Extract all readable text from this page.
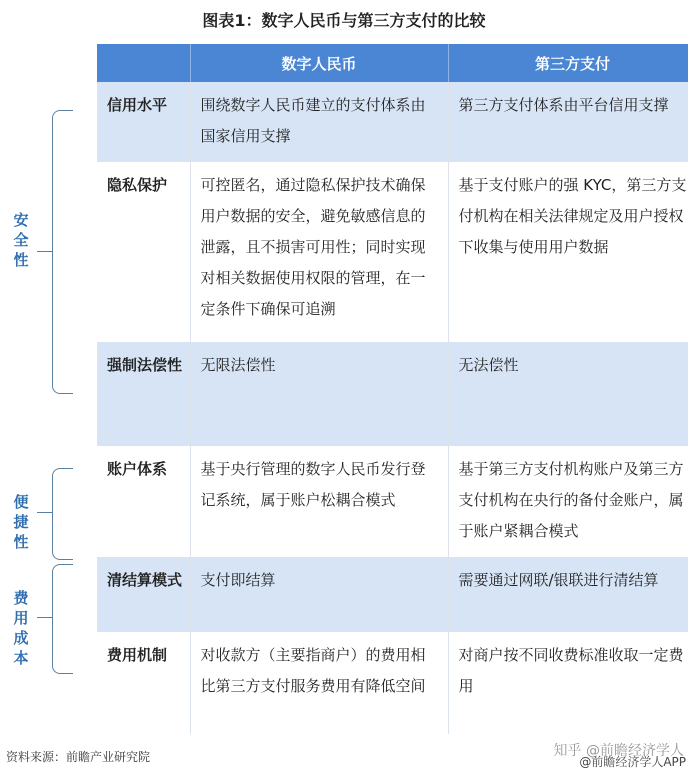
图表1：数字人民币与第三方支付的比较
安全性
便捷性
费用成本
	数字人民币	第三方支付
信用水平	围绕数字人民币建立的支付体系由国家信用支撑	第三方支付体系由平台信用支撑
隐私保护	可控匿名，通过隐私保护技术确保用户数据的安全，避免敏感信息的泄露，且不损害可用性；同时实现对相关数据使用权限的管理，在一定条件下确保可追溯	基于支付账户的强 KYC，第三方支付机构在相关法律规定及用户授权下收集与使用用户数据
强制法偿性	无限法偿性	无法偿性
账户体系	基于央行管理的数字人民币发行登记系统，属于账户松耦合模式	基于第三方支付机构账户及第三方支付机构在央行的备付金账户，属于账户紧耦合模式
清结算模式	支付即结算	需要通过网联/银联进行清结算
费用机制	对收款方（主要指商户）的费用相比第三方支付服务费用有降低空间	对商户按不同收费标准收取一定费用
资料来源：前瞻产业研究院	知乎 @前瞻经济学人
@前瞻经济学人APP
